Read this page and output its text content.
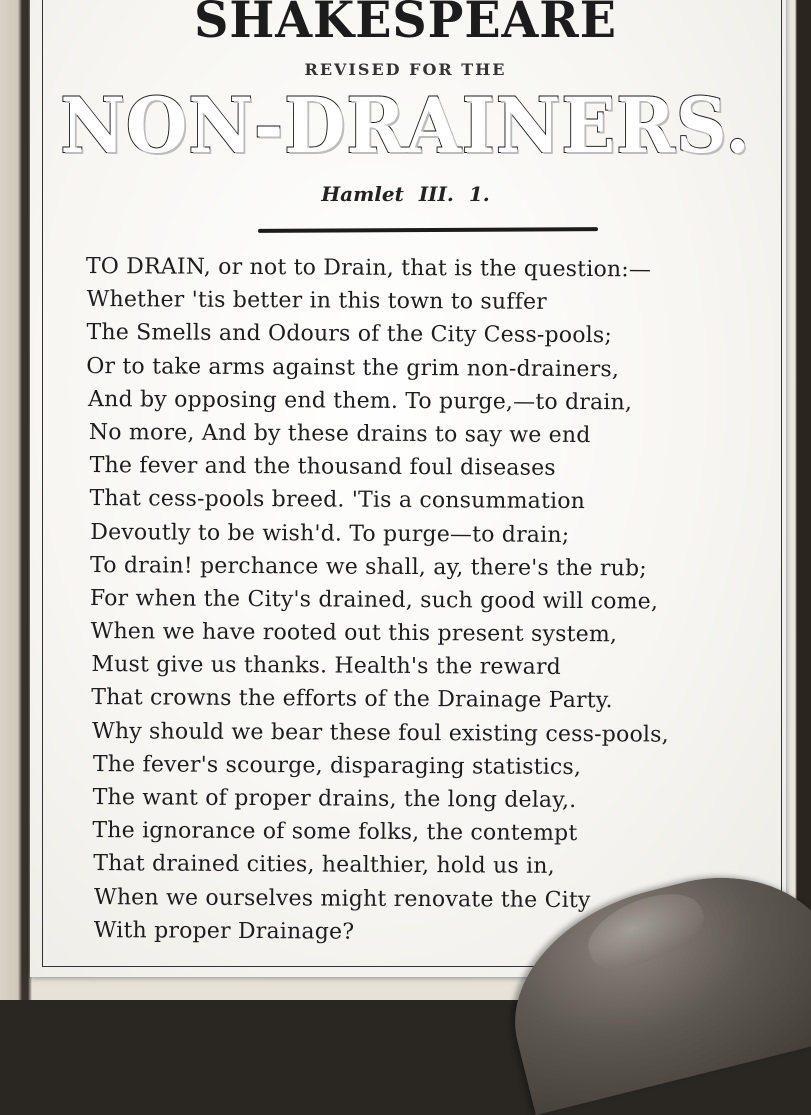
SHAKESPEARE
REVISED FOR THE
NON-DRAINERS.
Hamlet III. 1.
TO DRAIN, or not to Drain, that is the question:—
Whether 'tis better in this town to suffer
The Smells and Odours of the City Cess-pools;
Or to take arms against the grim non-drainers,
And by opposing end them. To purge,—to drain,
No more, And by these drains to say we end
The fever and the thousand foul diseases
That cess-pools breed. 'Tis a consummation
Devoutly to be wish'd. To purge—to drain;
To drain! perchance we shall, ay, there's the rub;
For when the City's drained, such good will come,
When we have rooted out this present system,
Must give us thanks. Health's the reward
That crowns the efforts of the Drainage Party.
Why should we bear these foul existing cess-pools,
The fever's scourge, disparaging statistics,
The want of proper drains, the long delay,.
The ignorance of some folks, the contempt
That drained cities, healthier, hold us in,
When we ourselves might renovate the City
With proper Drainage?
